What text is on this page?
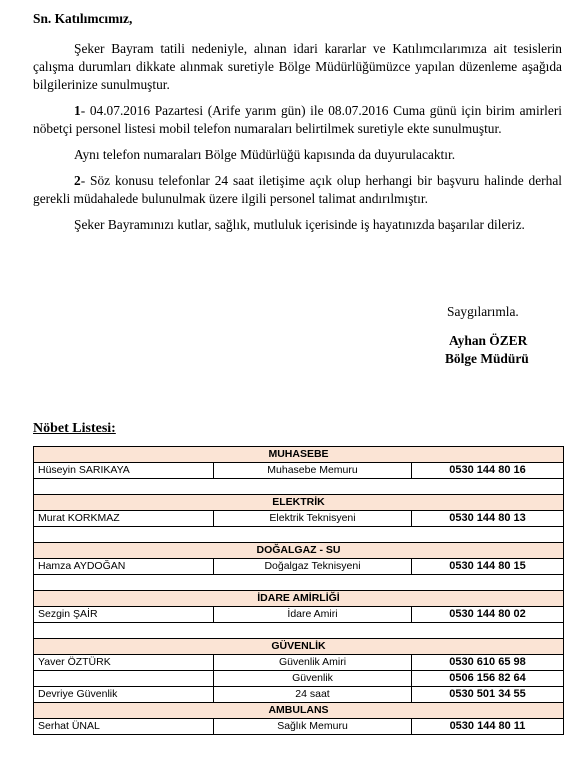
Sn. Katılımcımız,

Şeker Bayram tatili nedeniyle, alınan idari kararlar ve Katılımcılarımıza ait tesislerin çalışma durumları dikkate alınmak suretiyle Bölge Müdürlüğümüzce yapılan düzenleme aşağıda bilgilerinize sunulmuştur.

1- 04.07.2016 Pazartesi (Arife yarım gün) ile 08.07.2016 Cuma günü için birim amirleri nöbetçi personel listesi mobil telefon numaraları belirtilmek suretiyle ekte sunulmuştur.

Aynı telefon numaraları Bölge Müdürlüğü kapısında da duyurulacaktır.

2- Söz konusu telefonlar 24 saat iletişime açık olup herhangi bir başvuru halinde derhal gerekli müdahalede bulunulmak üzere ilgili personel talimat andırılmıştır.

Şeker Bayramınızı kutlar, sağlık, mutluluk içerisinde iş hayatınızda başarılar dileriz.

Saygılarımla.
Ayhan ÖZER
Bölge Müdürü
Nöbet Listesi:
MUHASEBE		
Hüseyin SARIKAYA	Muhasebe Memuru	0530 144 80 16

ELEKTRİK		
Murat KORKMAZ	Elektrik Teknisyeni	0530 144 80 13

DOĞALGAZ - SU		
Hamza AYDOĞAN	Doğalgaz Teknisyeni	0530 144 80 15

İDARE AMİRLİĞİ		
Sezgin ŞAİR	İdare Amiri	0530 144 80 02

GÜVENLİK		
Yaver ÖZTÜRK	Güvenlik Amiri	0530 610 65 98
	Güvenlik	0506 156 82 64
Devriye Güvenlik	24 saat	0530 501 34 55
AMBULANS		
Serhat ÜNAL	Sağlık Memuru	0530 144 80 11
